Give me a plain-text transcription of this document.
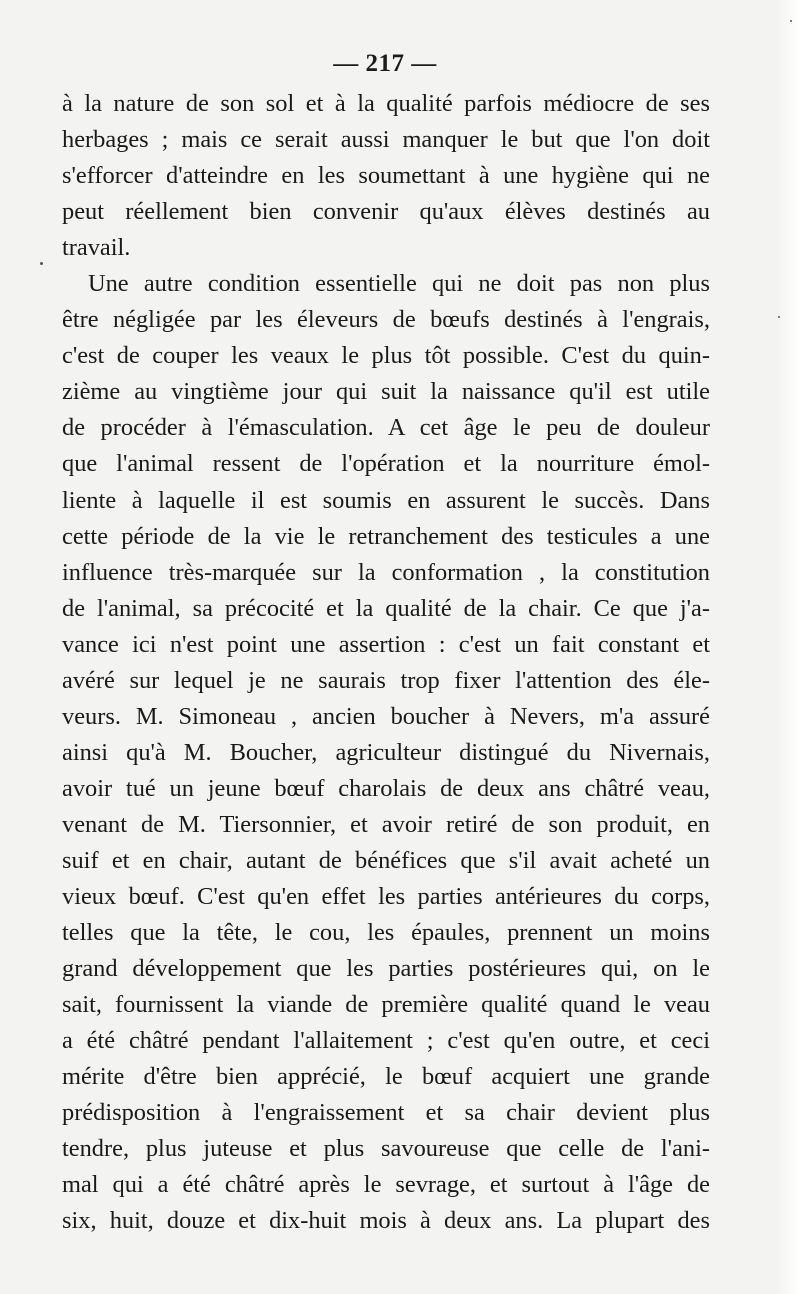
— 217 —
à la nature de son sol et à la qualité parfois médiocre de ses
herbages ; mais ce serait aussi manquer le but que l'on doit
s'efforcer d'atteindre en les soumettant à une hygiène qui ne
peut réellement bien convenir qu'aux élèves destinés au
travail.
Une autre condition essentielle qui ne doit pas non plus
être négligée par les éleveurs de bœufs destinés à l'engrais,
c'est de couper les veaux le plus tôt possible. C'est du quin-
zième au vingtième jour qui suit la naissance qu'il est utile
de procéder à l'émasculation. A cet âge le peu de douleur
que l'animal ressent de l'opération et la nourriture émol-
liente à laquelle il est soumis en assurent le succès. Dans
cette période de la vie le retranchement des testicules a une
influence très-marquée sur la conformation , la constitution
de l'animal, sa précocité et la qualité de la chair. Ce que j'a-
vance ici n'est point une assertion : c'est un fait constant et
avéré sur lequel je ne saurais trop fixer l'attention des éle-
veurs. M. Simoneau , ancien boucher à Nevers, m'a assuré
ainsi qu'à M. Boucher, agriculteur distingué du Nivernais,
avoir tué un jeune bœuf charolais de deux ans châtré veau,
venant de M. Tiersonnier, et avoir retiré de son produit, en
suif et en chair, autant de bénéfices que s'il avait acheté un
vieux bœuf. C'est qu'en effet les parties antérieures du corps,
telles que la tête, le cou, les épaules, prennent un moins
grand développement que les parties postérieures qui, on le
sait, fournissent la viande de première qualité quand le veau
a été châtré pendant l'allaitement ; c'est qu'en outre, et ceci
mérite d'être bien apprécié, le bœuf acquiert une grande
prédisposition à l'engraissement et sa chair devient plus
tendre, plus juteuse et plus savoureuse que celle de l'ani-
mal qui a été châtré après le sevrage, et surtout à l'âge de
six, huit, douze et dix-huit mois à deux ans. La plupart des
